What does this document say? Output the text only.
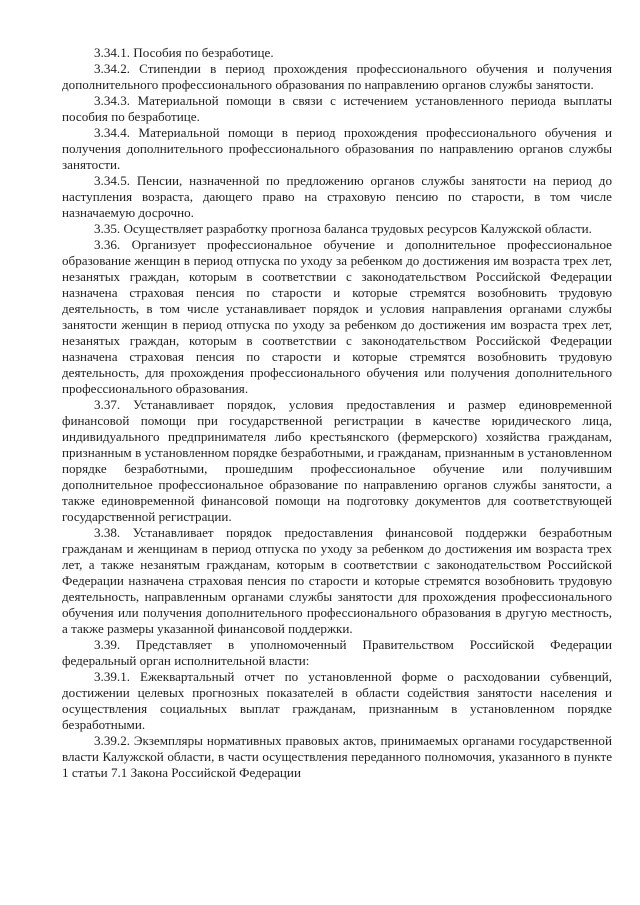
3.34.1. Пособия по безработице.

3.34.2. Стипендии в период прохождения профессионального обучения и получения дополнительного профессионального образования по направлению органов службы занятости.

3.34.3. Материальной помощи в связи с истечением установленного периода выплаты пособия по безработице.

3.34.4. Материальной помощи в период прохождения профессионального обучения и получения дополнительного профессионального образования по направлению органов службы занятости.

3.34.5. Пенсии, назначенной по предложению органов службы занятости на период до наступления возраста, дающего право на страховую пенсию по старости, в том числе назначаемую досрочно.

3.35. Осуществляет разработку прогноза баланса трудовых ресурсов Калужской области.

3.36. Организует профессиональное обучение и дополнительное профессиональное образование женщин в период отпуска по уходу за ребенком до достижения им возраста трех лет, незанятых граждан, которым в соответствии с законодательством Российской Федерации назначена страховая пенсия по старости и которые стремятся возобновить трудовую деятельность, в том числе устанавливает порядок и условия направления органами службы занятости женщин в период отпуска по уходу за ребенком до достижения им возраста трех лет, незанятых граждан, которым в соответствии с законодательством Российской Федерации назначена страховая пенсия по старости и которые стремятся возобновить трудовую деятельность, для прохождения профессионального обучения или получения дополнительного профессионального образования.

3.37. Устанавливает порядок, условия предоставления и размер единовременной финансовой помощи при государственной регистрации в качестве юридического лица, индивидуального предпринимателя либо крестьянского (фермерского) хозяйства гражданам, признанным в установленном порядке безработными, и гражданам, признанным в установленном порядке безработными, прошедшим профессиональное обучение или получившим дополнительное профессиональное образование по направлению органов службы занятости, а также единовременной финансовой помощи на подготовку документов для соответствующей государственной регистрации.

3.38. Устанавливает порядок предоставления финансовой поддержки безработным гражданам и женщинам в период отпуска по уходу за ребенком до достижения им возраста трех лет, а также незанятым гражданам, которым в соответствии с законодательством Российской Федерации назначена страховая пенсия по старости и которые стремятся возобновить трудовую деятельность, направленным органами службы занятости для прохождения профессионального обучения или получения дополнительного профессионального образования в другую местность, а также размеры указанной финансовой поддержки.

3.39. Представляет в уполномоченный Правительством Российской Федерации федеральный орган исполнительной власти:

3.39.1. Ежеквартальный отчет по установленной форме о расходовании субвенций, достижении целевых прогнозных показателей в области содействия занятости населения и осуществления социальных выплат гражданам, признанным в установленном порядке безработными.

3.39.2. Экземпляры нормативных правовых актов, принимаемых органами государственной власти Калужской области, в части осуществления переданного полномочия, указанного в пункте 1 статьи 7.1 Закона Российской Федерации
